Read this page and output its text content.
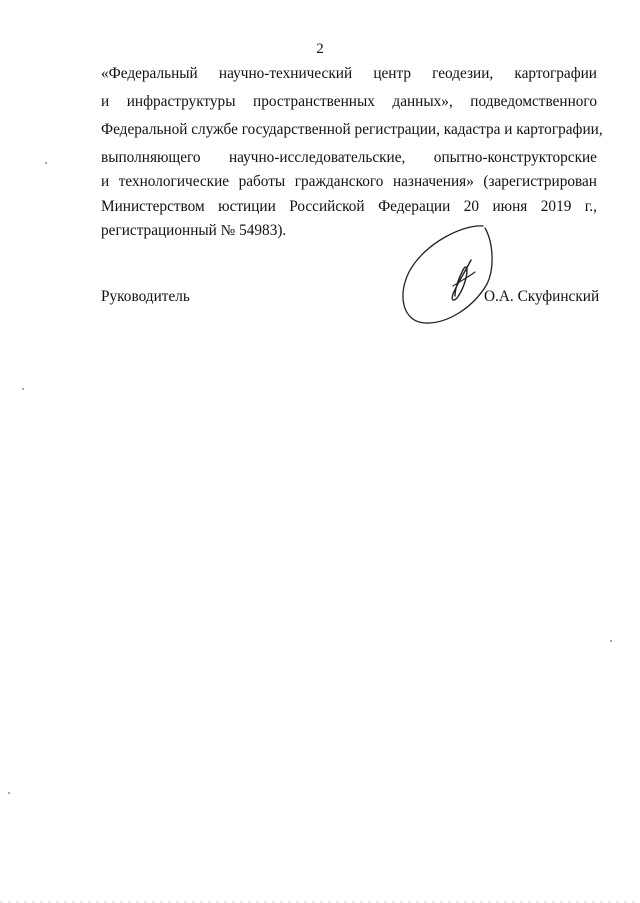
2
«Федеральный научно-технический центр геодезии, картографии
и инфраструктуры пространственных данных», подведомственного
Федеральной службе государственной регистрации, кадастра и картографии,
выполняющего научно-исследовательские, опытно-конструкторские
и технологические работы гражданского назначения» (зарегистрирован
Министерством юстиции Российской Федерации 20 июня 2019 г.,
регистрационный № 54983).
Руководитель	О.А. Скуфинский
